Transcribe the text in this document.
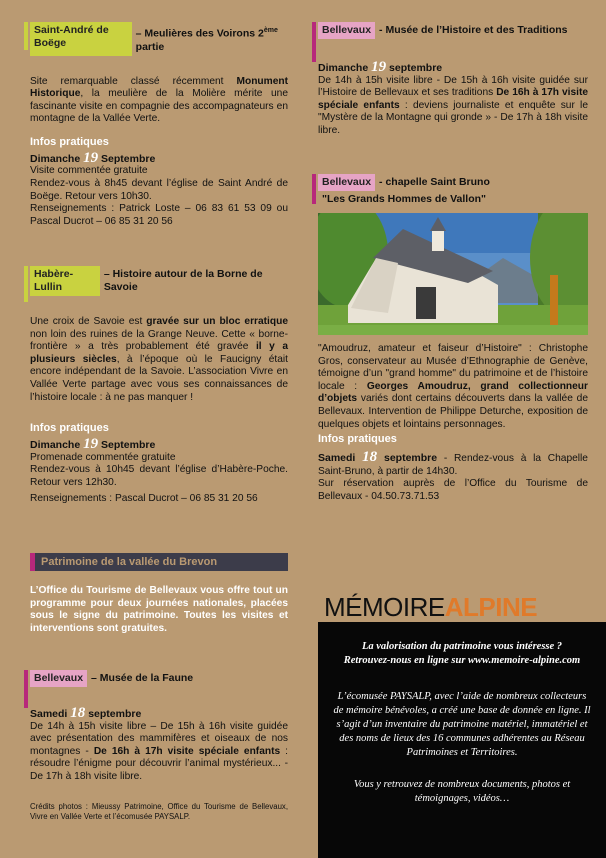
Saint-André de Boëge
– Meulières des Voirons 2ème partie

Site remarquable classé récemment Monument Historique, la meulière de la Molière mérite une fascinante visite en compagnie des accompagnateurs en montagne de la Vallée Verte.

Infos pratiques

Dimanche 19 Septembre

Visite commentée gratuite

Rendez-vous à 8h45 devant l’église de Saint André de Boëge. Retour vers 10h30.

Renseignements : Patrick Loste – 06 83 61 53 09 ou Pascal Ducrot – 06 85 31 20 56

Habère-Lullin
– Histoire autour de la Borne de Savoie

Une croix de Savoie est gravée sur un bloc erratique non loin des ruines de la Grange Neuve. Cette « borne-frontière » a très probablement été gravée il y a plusieurs siècles, à l’époque où le Faucigny était encore indépendant de la Savoie. L’association Vivre en Vallée Verte partage avec vous ses connaissances de l’histoire locale : à ne pas manquer !

Infos pratiques

Dimanche 19 Septembre

Promenade commentée gratuite

Rendez-vous à 10h45 devant l’église d’Habère-Poche. Retour vers 12h30.

Renseignements : Pascal Ducrot – 06 85 31 20 56

Patrimoine de la vallée du Brevon

L’Office du Tourisme de Bellevaux vous offre tout un programme pour deux journées nationales, placées sous le signe du patrimoine. Toutes les visites et interventions sont gratuites.

Bellevaux – Musée de la Faune

Samedi 18 septembre

De 14h à 15h visite libre – De 15h à 16h visite guidée avec présentation des mammifères et oiseaux de nos montagnes - De 16h à 17h visite spéciale enfants : résoudre l’énigme pour découvrir l’animal mystérieux... - De 17h à 18h visite libre.

Crédits photos : Mieussy Patrimoine, Office du Tourisme de Bellevaux, Vivre en Vallée Verte et l’écomusée PAYSALP.

Bellevaux - Musée de l’Histoire et des Traditions

Dimanche 19 septembre

De 14h à 15h visite libre - De 15h à 16h visite guidée sur l’Histoire de Bellevaux et ses traditions De 16h à 17h visite spéciale enfants : deviens journaliste et enquête sur le "Mystère de la Montagne qui gronde » - De 17h à 18h visite libre.

Bellevaux - chapelle Saint Bruno
"Les Grands Hommes de Vallon"

"Amoudruz, amateur et faiseur d’Histoire" : Christophe Gros, conservateur au Musée d’Ethnographie de Genève, témoigne d’un "grand homme" du patrimoine et de l’histoire locale : Georges Amoudruz, grand collectionneur d’objets variés dont certains découverts dans la vallée de Bellevaux. Intervention de Philippe Deturche, exposition de quelques objets et lointains personnages.

Infos pratiques

Samedi 18 septembre - Rendez-vous à la Chapelle Saint-Bruno, à partir de 14h30.

Sur réservation auprès de l’Office du Tourisme de Bellevaux - 04.50.73.71.53

MÉMOIREALPINE

La valorisation du patrimoine vous intéresse ?

Retrouvez-nous en ligne sur www.memoire-alpine.com

L’écomusée PAYSALP, avec l’aide de nombreux collecteurs de mémoire bénévoles, a créé une base de donnée en ligne. Il s’agit d’un inventaire du patrimoine matériel, immatériel et des noms de lieux des 16 communes adhérentes au Réseau Patrimoines et Territoires.

Vous y retrouvez de nombreux documents, photos et témoignages, vidéos…
